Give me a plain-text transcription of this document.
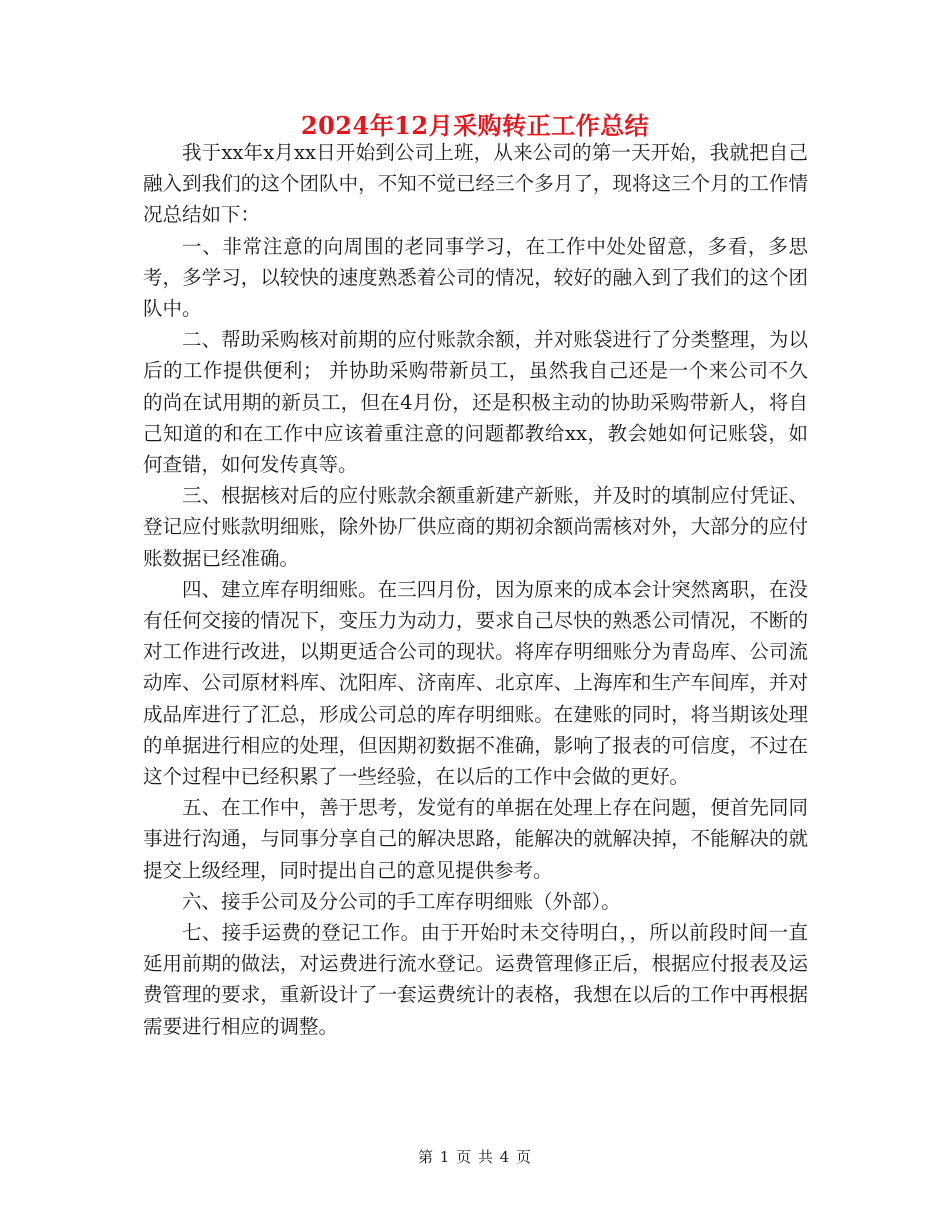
2024年12月采购转正工作总结

我于xx年x月xx日开始到公司上班，从来公司的第一天开始，我就把自己融入到我们的这个团队中，不知不觉已经三个多月了，现将这三个月的工作情况总结如下：

一、非常注意的向周围的老同事学习，在工作中处处留意，多看，多思考，多学习，以较快的速度熟悉着公司的情况，较好的融入到了我们的这个团队中。

二、帮助采购核对前期的应付账款余额，并对账袋进行了分类整理，为以后的工作提供便利； 并协助采购带新员工，虽然我自己还是一个来公司不久的尚在试用期的新员工，但在4月份，还是积极主动的协助采购带新人，将自己知道的和在工作中应该着重注意的问题都教给xx，教会她如何记账袋，如何查错，如何发传真等。

三、根据核对后的应付账款余额重新建产新账，并及时的填制应付凭证、登记应付账款明细账，除外协厂供应商的期初余额尚需核对外，大部分的应付账数据已经准确。

四、建立库存明细账。在三四月份，因为原来的成本会计突然离职，在没有任何交接的情况下，变压力为动力，要求自己尽快的熟悉公司情况，不断的对工作进行改进，以期更适合公司的现状。将库存明细账分为青岛库、公司流动库、公司原材料库、沈阳库、济南库、北京库、上海库和生产车间库，并对成品库进行了汇总，形成公司总的库存明细账。在建账的同时，将当期该处理的单据进行相应的处理，但因期初数据不准确，影响了报表的可信度，不过在这个过程中已经积累了一些经验，在以后的工作中会做的更好。

五、在工作中，善于思考，发觉有的单据在处理上存在问题，便首先同同事进行沟通，与同事分享自己的解决思路，能解决的就解决掉，不能解决的就提交上级经理，同时提出自己的意见提供参考。

六、接手公司及分公司的手工库存明细账（外部）。

七、接手运费的登记工作。由于开始时未交待明白，，所以前段时间一直延用前期的做法，对运费进行流水登记。运费管理修正后，根据应付报表及运费管理的要求，重新设计了一套运费统计的表格，我想在以后的工作中再根据需要进行相应的调整。

第 1 页 共 4 页
